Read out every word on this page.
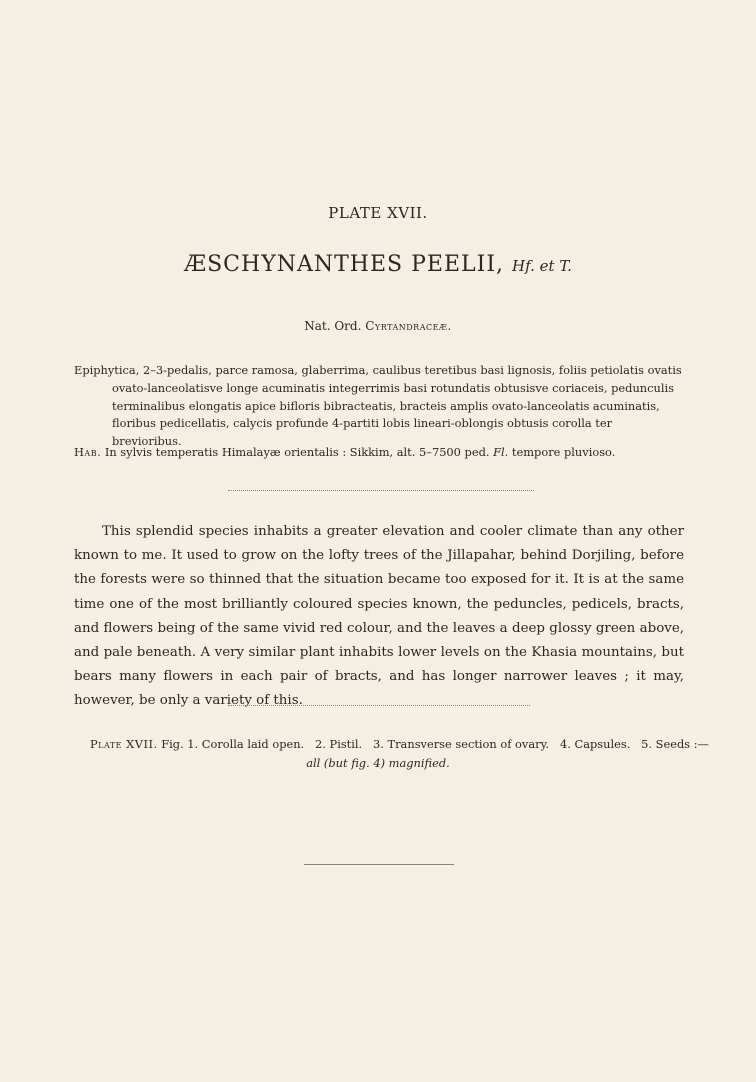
PLATE XVII.
ÆSCHYNANTHES PEELII, Hf. et T.
Nat. Ord. Cyrtandraceæ.

Epiphytica, 2–3-pedalis, parce ramosa, glaberrima, caulibus teretibus basi lignosis, foliis petiolatis ovatis ovato-lanceolatisve longe acuminatis integerrimis basi rotundatis obtusisve coriaceis, pedunculis terminalibus elongatis apice bifloris bibracteatis, bracteis amplis ovato-lanceolatis acuminatis, floribus pedicellatis, calycis profunde 4-partiti lobis lineari-oblongis obtusis corolla ter brevioribus.

Hab. In sylvis temperatis Himalayæ orientalis : Sikkim, alt. 5–7500 ped. Fl. tempore pluvioso.

This splendid species inhabits a greater elevation and cooler climate than any other known to me. It used to grow on the lofty trees of the Jillapahar, behind Dorjiling, before the forests were so thinned that the situation became too exposed for it. It is at the same time one of the most brilliantly coloured species known, the peduncles, pedicels, bracts, and flowers being of the same vivid red colour, and the leaves a deep glossy green above, and pale beneath. A very similar plant inhabits lower levels on the Khasia mountains, but bears many flowers in each pair of bracts, and has longer narrower leaves ; it may, however, be only a variety of this.

Plate XVII. Fig. 1. Corolla laid open.   2. Pistil.   3. Transverse section of ovary.   4. Capsules.   5. Seeds :—
all (but fig. 4) magnified.
